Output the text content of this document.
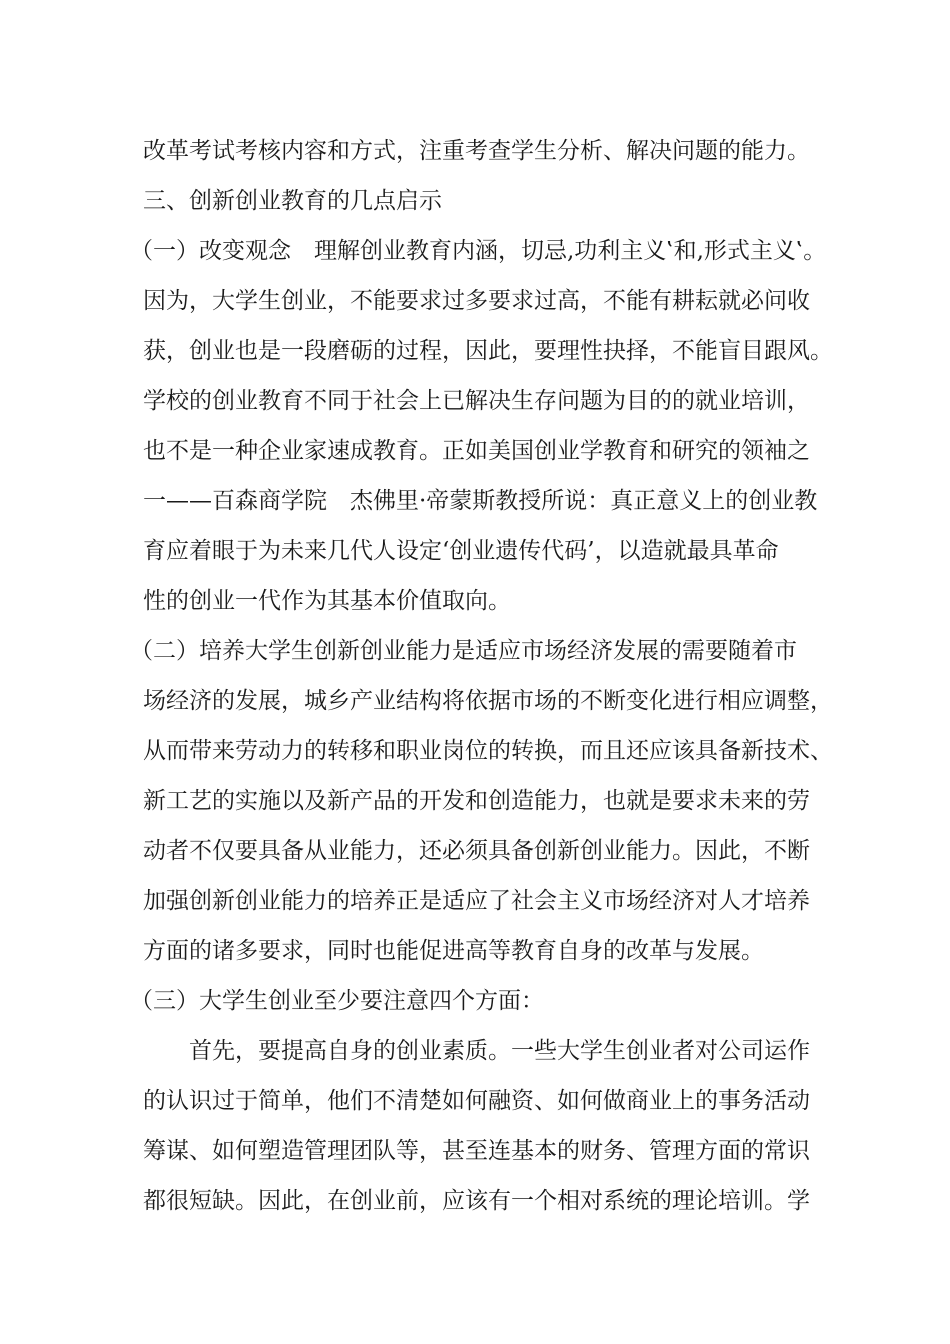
改革考试考核内容和方式，注重考查学生分析、解决问题的能力。
三、创新创业教育的几点启示
（一）改变观念　理解创业教育内涵，切忌,功利主义‛和,形式主义‛。
因为，大学生创业，不能要求过多要求过高，不能有耕耘就必问收
获，创业也是一段磨砺的过程，因此，要理性抉择，不能盲目跟风。
学校的创业教育不同于社会上已解决生存问题为目的的就业培训，
也不是一种企业家速成教育。正如美国创业学教育和研究的领袖之
一——百森商学院　杰佛里·帝蒙斯教授所说：真正意义上的创业教
育应着眼于为未来几代人设定‘创业遗传代码’，以造就最具革命
性的创业一代作为其基本价值取向。
（二）培养大学生创新创业能力是适应市场经济发展的需要随着市
场经济的发展，城乡产业结构将依据市场的不断变化进行相应调整，
从而带来劳动力的转移和职业岗位的转换，而且还应该具备新技术、
新工艺的实施以及新产品的开发和创造能力，也就是要求未来的劳
动者不仅要具备从业能力，还必须具备创新创业能力。因此，不断
加强创新创业能力的培养正是适应了社会主义市场经济对人才培养
方面的诸多要求，同时也能促进高等教育自身的改革与发展。
（三）大学生创业至少要注意四个方面：
首先，要提高自身的创业素质。一些大学生创业者对公司运作
的认识过于简单，他们不清楚如何融资、如何做商业上的事务活动
筹谋、如何塑造管理团队等，甚至连基本的财务、管理方面的常识
都很短缺。因此，在创业前，应该有一个相对系统的理论培训。学
